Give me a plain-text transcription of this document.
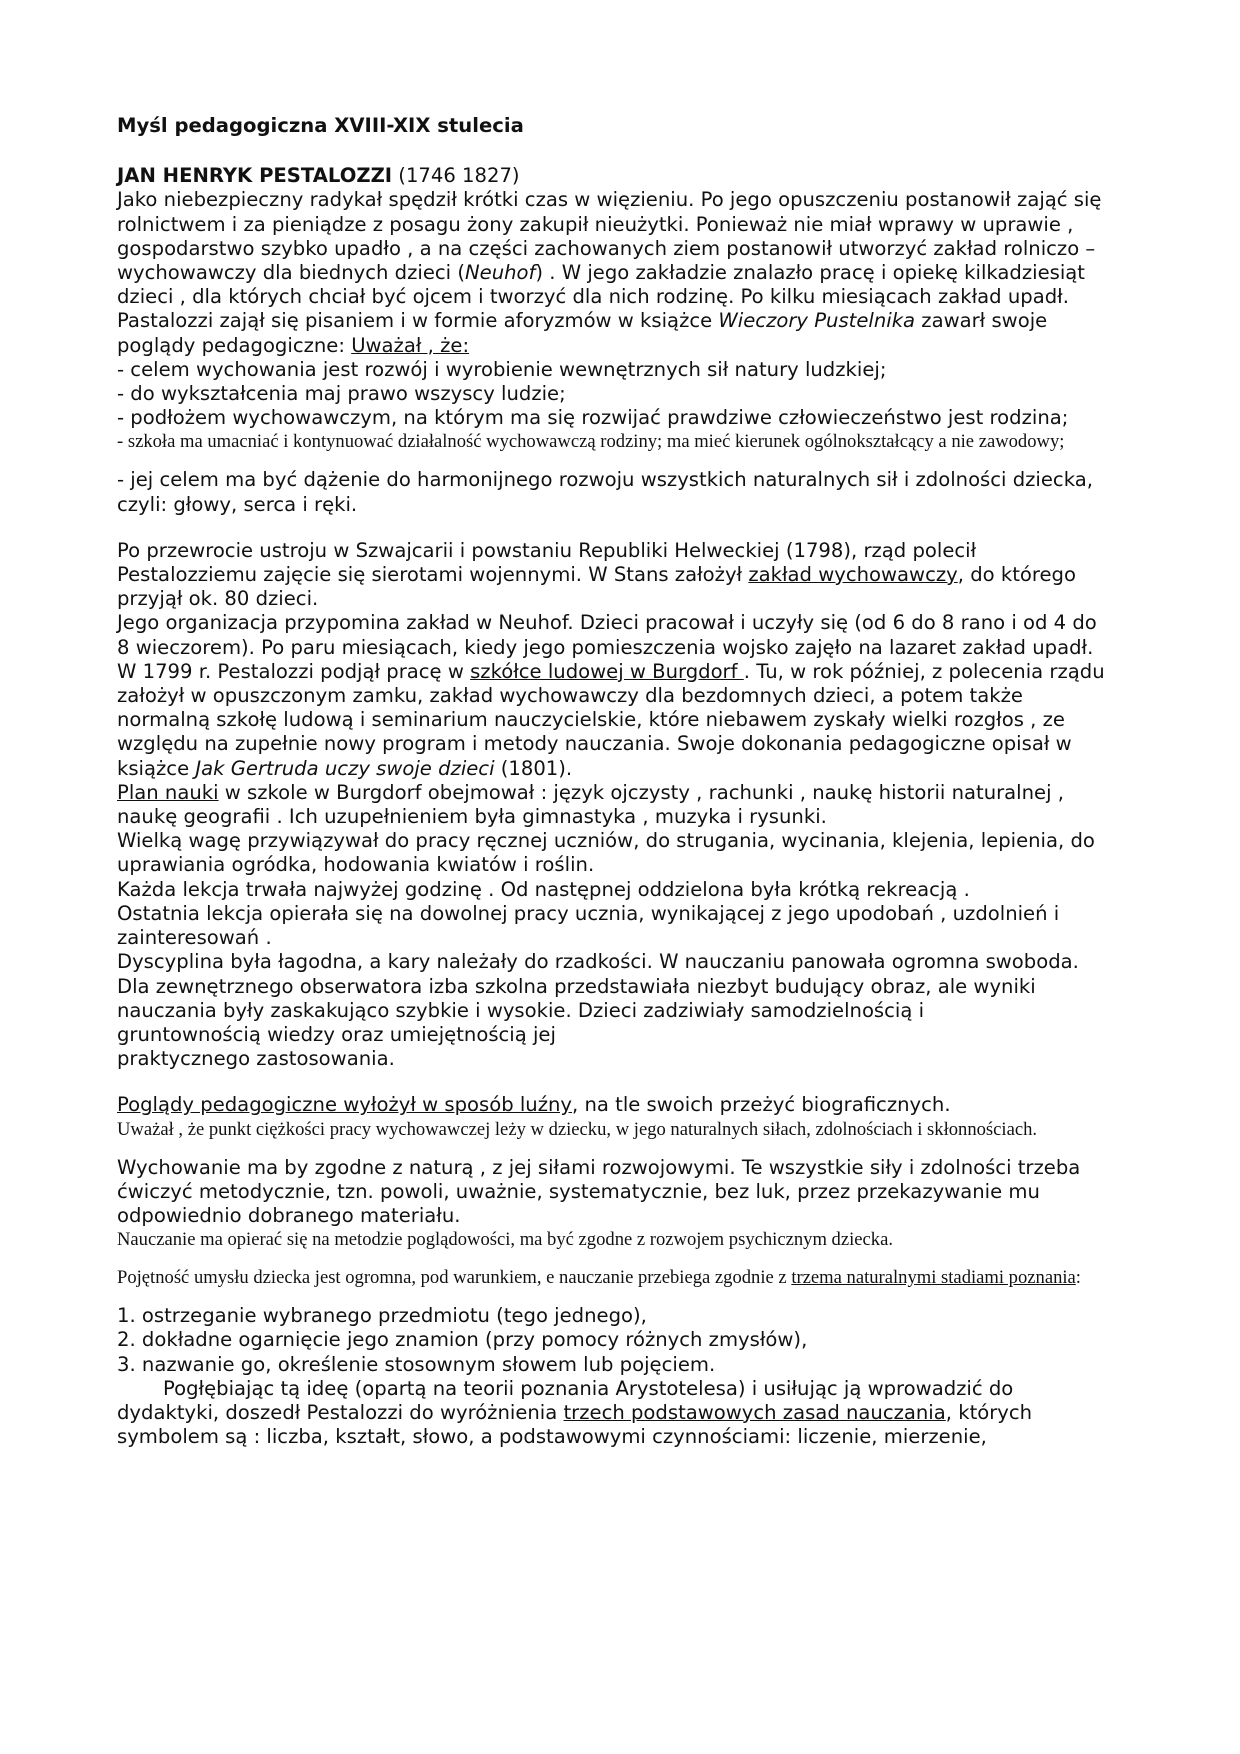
Myśl pedagogiczna XVIII-XIX stulecia

JAN HENRYK PESTALOZZI (1746 1827)

Jako niebezpieczny radykał spędził krótki czas w więzieniu. Po jego opuszczeniu postanowił zająć się rolnictwem i za pieniądze z posagu żony zakupił nieużytki. Ponieważ nie miał wprawy w uprawie , gospodarstwo szybko upadło , a na części zachowanych ziem postanowił utworzyć zakład rolniczo – wychowawczy dla biednych dzieci (Neuhof) . W jego zakładzie znalazło pracę i opiekę kilkadziesiąt dzieci , dla których chciał być ojcem i tworzyć dla nich rodzinę. Po kilku miesiącach zakład upadł.

Pastalozzi zajął się pisaniem i w formie aforyzmów w książce Wieczory Pustelnika zawarł swoje poglądy pedagogiczne: Uważał , że:

- celem wychowania jest rozwój i wyrobienie wewnętrznych sił natury ludzkiej;

- do wykształcenia maj prawo wszyscy ludzie;

- podłożem wychowawczym, na którym ma się rozwijać prawdziwe człowieczeństwo jest rodzina;

- szkoła ma umacniać i kontynuować działalność wychowawczą rodziny; ma mieć kierunek ogólnokształcący a nie zawodowy;

- jej celem ma być dążenie do harmonijnego rozwoju wszystkich naturalnych sił i zdolności dziecka, czyli: głowy, serca i ręki.

Po przewrocie ustroju w Szwajcarii i powstaniu Republiki Helweckiej (1798), rząd polecił Pestalozziemu zajęcie się sierotami wojennymi. W Stans założył zakład wychowawczy, do którego przyjął ok. 80 dzieci.

Jego organizacja przypomina zakład w Neuhof. Dzieci pracował i uczyły się (od 6 do 8 rano i od 4 do 8 wieczorem). Po paru miesiącach, kiedy jego pomieszczenia wojsko zajęło na lazaret zakład upadł.

W 1799 r. Pestalozzi podjął pracę w szkółce ludowej w Burgdorf . Tu, w rok później, z polecenia rządu założył w opuszczonym zamku, zakład wychowawczy dla bezdomnych dzieci, a potem także normalną szkołę ludową i seminarium nauczycielskie, które niebawem zyskały wielki rozgłos , ze względu na zupełnie nowy program i metody nauczania. Swoje dokonania pedagogiczne opisał w książce Jak Gertruda uczy swoje dzieci (1801).

Plan nauki w szkole w Burgdorf obejmował : język ojczysty , rachunki , naukę historii naturalnej , naukę geografii . Ich uzupełnieniem była gimnastyka , muzyka i rysunki.

Wielką wagę przywiązywał do pracy ręcznej uczniów, do strugania, wycinania, klejenia, lepienia, do uprawiania ogródka, hodowania kwiatów i roślin.

Każda lekcja trwała najwyżej godzinę . Od następnej oddzielona była krótką rekreacją .

Ostatnia lekcja opierała się na dowolnej pracy ucznia, wynikającej z jego upodobań , uzdolnień i zainteresowań .

Dyscyplina była łagodna, a kary należały do rzadkości. W nauczaniu panowała ogromna swoboda.

Dla zewnętrznego obserwatora izba szkolna przedstawiała niezbyt budujący obraz, ale wyniki nauczania były zaskakująco szybkie i wysokie. Dzieci zadziwiały samodzielnością i

gruntownością wiedzy oraz umiejętnością jej

praktycznego zastosowania.

Poglądy pedagogiczne wyłożył w sposób luźny, na tle swoich przeżyć biograficznych.

Uważał , że punkt ciężkości pracy wychowawczej leży w dziecku, w jego naturalnych siłach, zdolnościach i skłonnościach.

Wychowanie ma by zgodne z naturą , z jej siłami rozwojowymi. Te wszystkie siły i zdolności trzeba ćwiczyć metodycznie, tzn. powoli, uważnie, systematycznie, bez luk, przez przekazywanie mu odpowiednio dobranego materiału.

Nauczanie ma opierać się na metodzie poglądowości, ma być zgodne z rozwojem psychicznym dziecka.

Pojętność umysłu dziecka jest ogromna, pod warunkiem, e nauczanie przebiega zgodnie z trzema naturalnymi stadiami poznania:

1. ostrzeganie wybranego przedmiotu (tego jednego),

2. dokładne ogarnięcie jego znamion (przy pomocy różnych zmysłów),

3. nazwanie go, określenie stosownym słowem lub pojęciem.

Pogłębiając tą ideę (opartą na teorii poznania Arystotelesa) i usiłując ją wprowadzić do dydaktyki, doszedł Pestalozzi do wyróżnienia trzech podstawowych zasad nauczania, których symbolem są : liczba, kształt, słowo, a podstawowymi czynnościami: liczenie, mierzenie,
